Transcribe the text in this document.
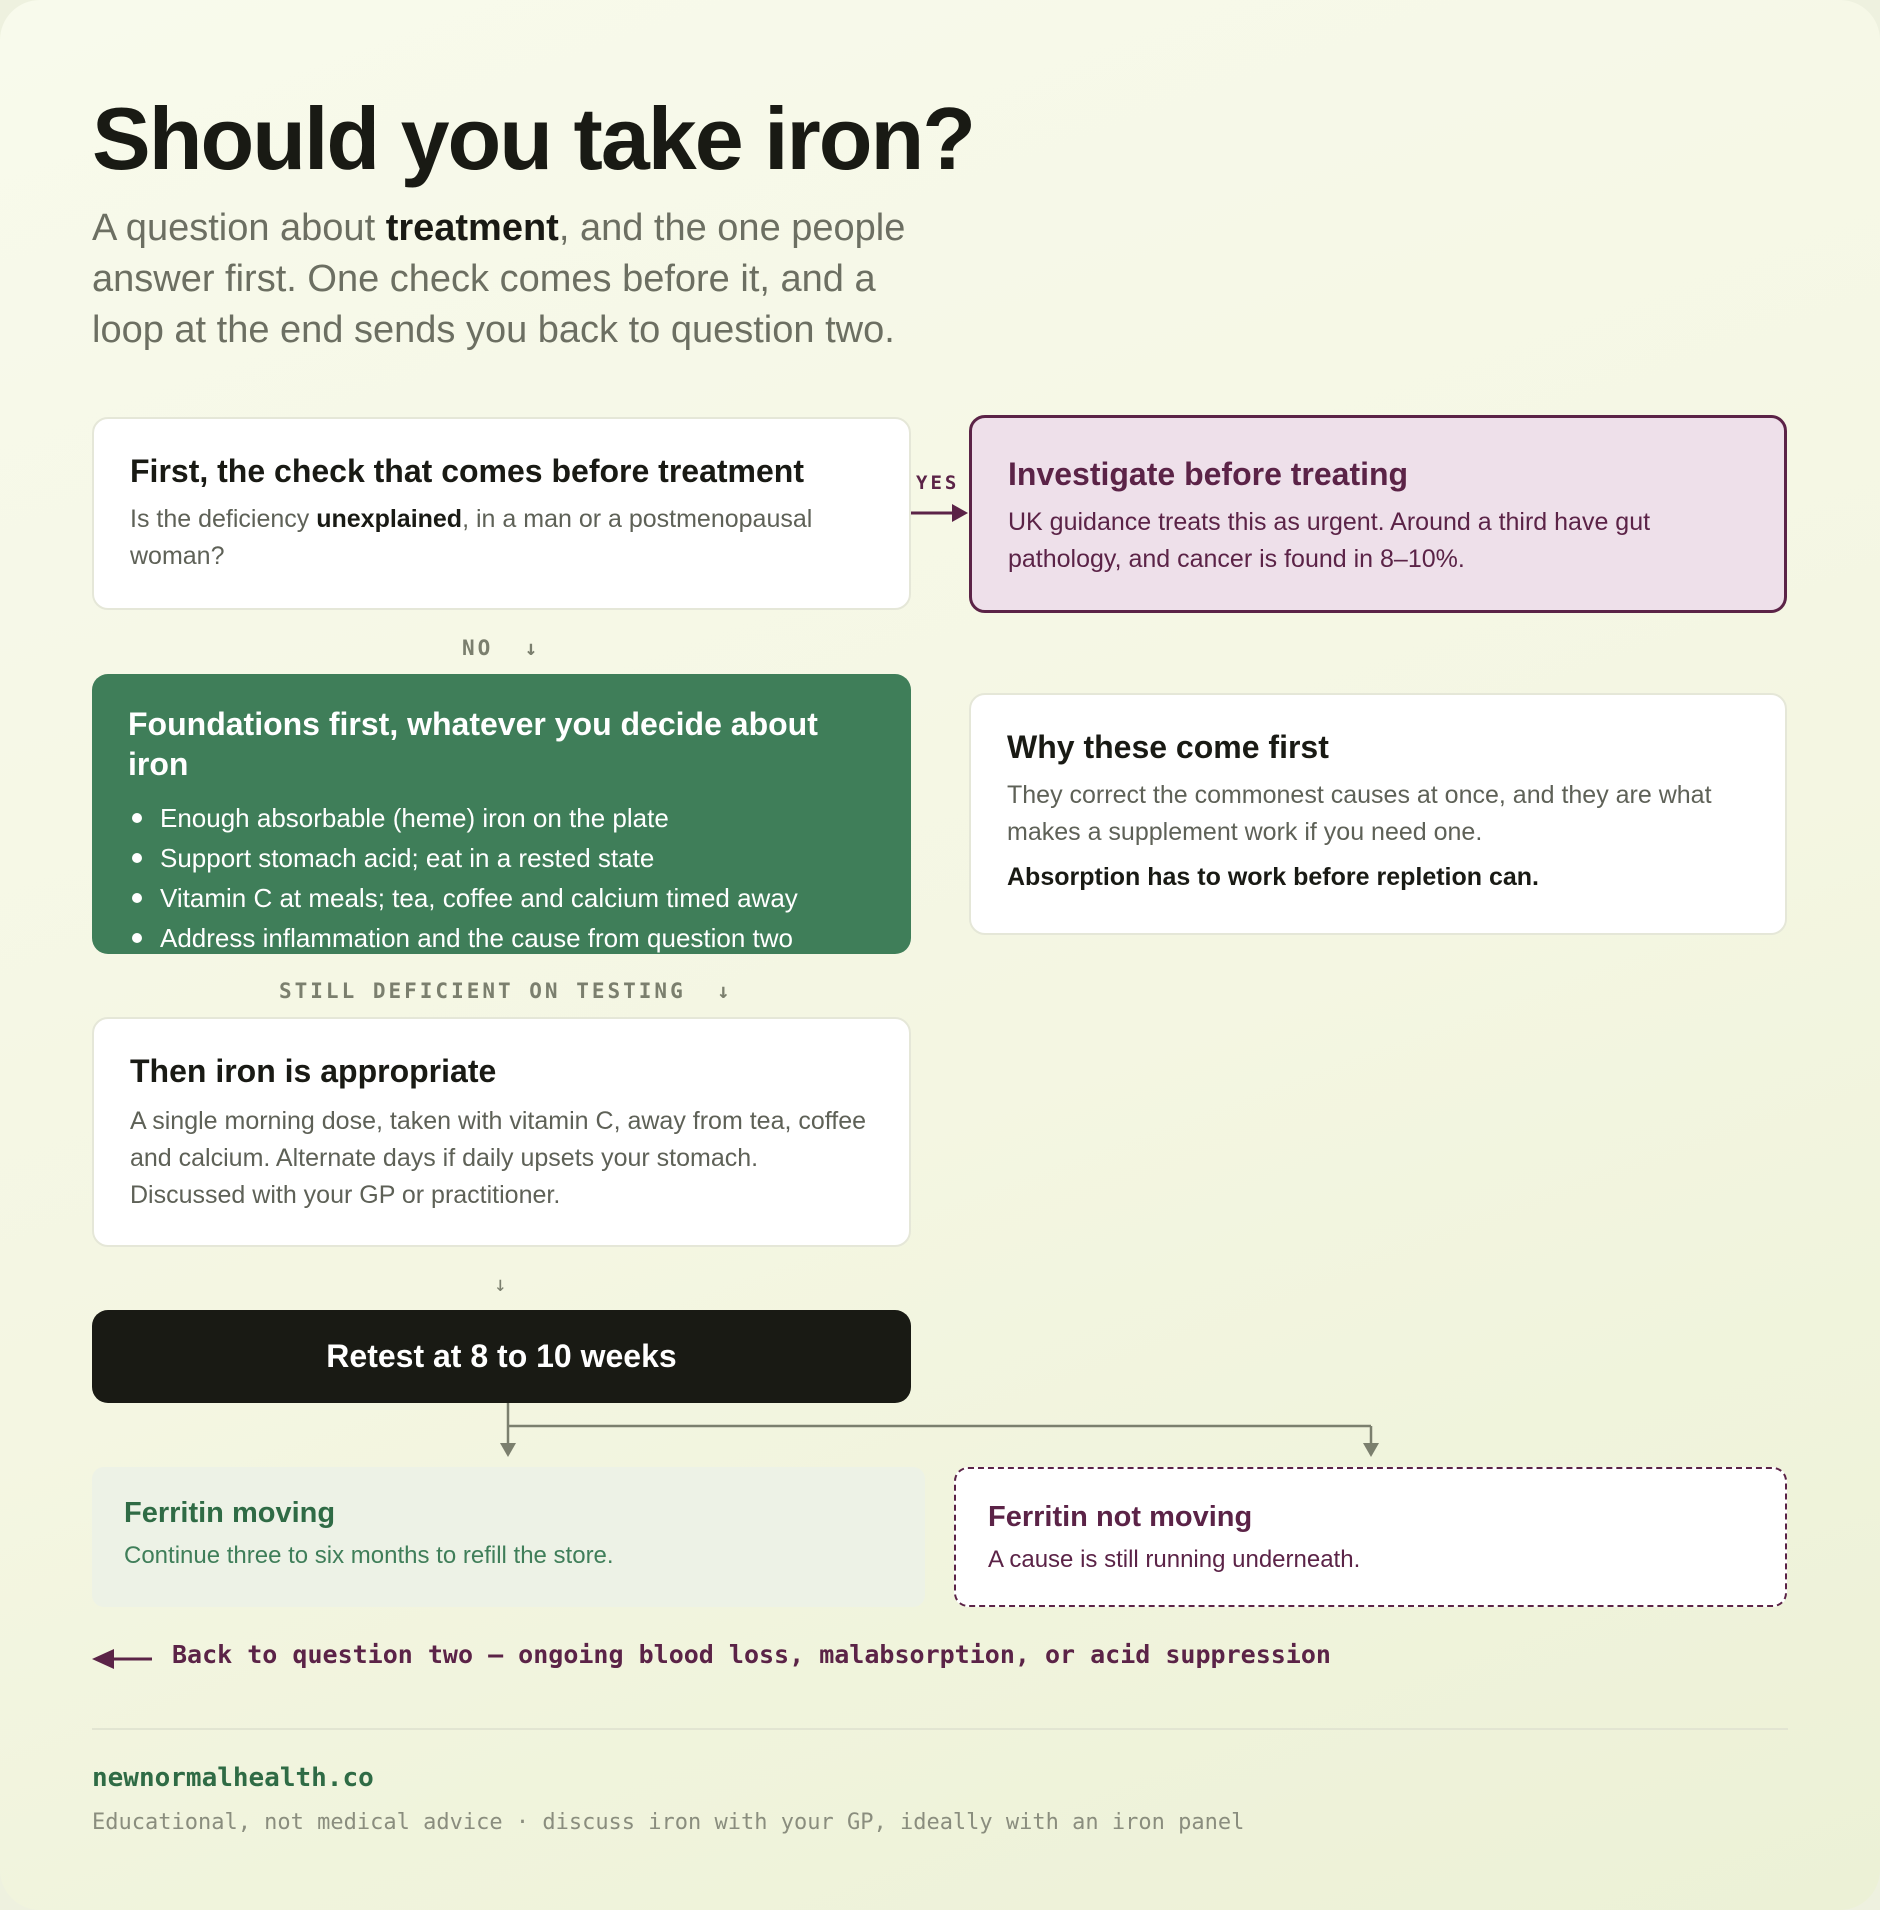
Should you take iron?

A question about treatment, and the one people answer first. One check comes before it, and a loop at the end sends you back to question two.

First, the check that comes before treatment

Is the deficiency unexplained, in a man or a postmenopausal woman?

YES Investigate before treating

UK guidance treats this as urgent. Around a third have gut pathology, and cancer is found in 8–10%.

NO  ↓
Foundations first, whatever you decide about iron
Enough absorbable (heme) iron on the plate
Support stomach acid; eat in a rested state
Vitamin C at meals; tea, coffee and calcium timed away
Address inflammation and the cause from question two
Why these come first

They correct the commonest causes at once, and they are what makes a supplement work if you need one.

Absorption has to work before repletion can.

STILL DEFICIENT ON TESTING  ↓
Then iron is appropriate

A single morning dose, taken with vitamin C, away from tea, coffee and calcium. Alternate days if daily upsets your stomach. Discussed with your GP or practitioner.

↓
Retest at 8 to 10 weeks
Ferritin moving

Continue three to six months to refill the store.

Ferritin not moving

A cause is still running underneath.

Back to question two — ongoing blood loss, malabsorption, or acid suppression
newnormalhealth.co
Educational, not medical advice · discuss iron with your GP, ideally with an iron panel
